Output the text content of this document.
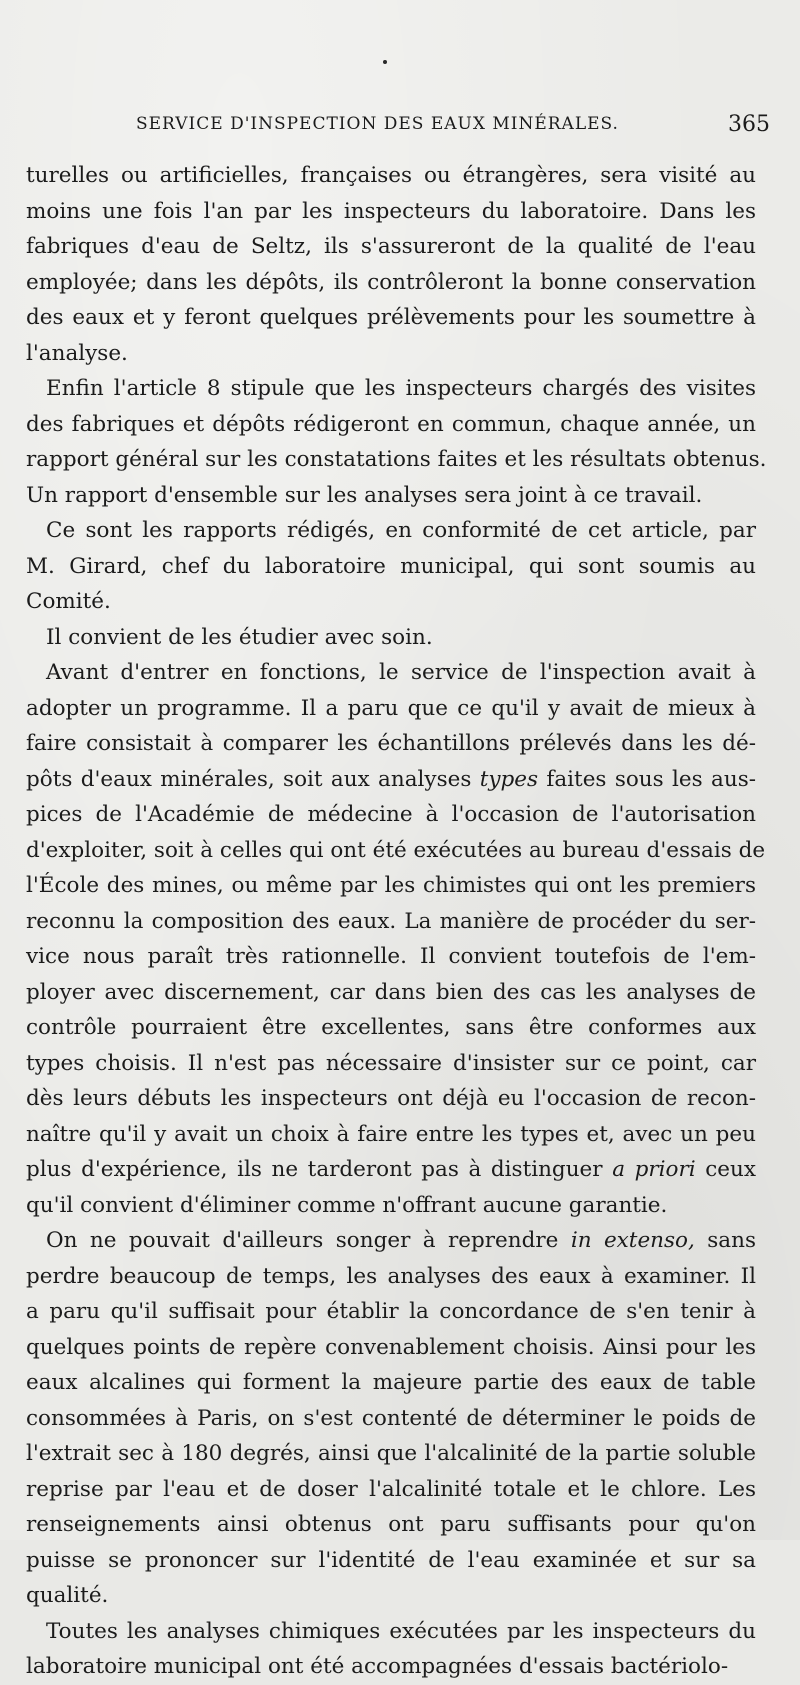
SERVICE D'INSPECTION DES EAUX MINÉRALES.	365
turelles ou artificielles, françaises ou étrangères, sera visité au
moins une fois l'an par les inspecteurs du laboratoire. Dans les
fabriques d'eau de Seltz, ils s'assureront de la qualité de l'eau
employée; dans les dépôts, ils contrôleront la bonne conservation
des eaux et y feront quelques prélèvements pour les soumettre à
l'analyse.
Enfin l'article 8 stipule que les inspecteurs chargés des visites
des fabriques et dépôts rédigeront en commun, chaque année, un
rapport général sur les constatations faites et les résultats obtenus.
Un rapport d'ensemble sur les analyses sera joint à ce travail.
Ce sont les rapports rédigés, en conformité de cet article, par
M. Girard, chef du laboratoire municipal, qui sont soumis au
Comité.
Il convient de les étudier avec soin.
Avant d'entrer en fonctions, le service de l'inspection avait à
adopter un programme. Il a paru que ce qu'il y avait de mieux à
faire consistait à comparer les échantillons prélevés dans les dé-
pôts d'eaux minérales, soit aux analyses types faites sous les aus-
pices de l'Académie de médecine à l'occasion de l'autorisation
d'exploiter, soit à celles qui ont été exécutées au bureau d'essais de
l'École des mines, ou même par les chimistes qui ont les premiers
reconnu la composition des eaux. La manière de procéder du ser-
vice nous paraît très rationnelle. Il convient toutefois de l'em-
ployer avec discernement, car dans bien des cas les analyses de
contrôle pourraient être excellentes, sans être conformes aux
types choisis. Il n'est pas nécessaire d'insister sur ce point, car
dès leurs débuts les inspecteurs ont déjà eu l'occasion de recon-
naître qu'il y avait un choix à faire entre les types et, avec un peu
plus d'expérience, ils ne tarderont pas à distinguer a priori ceux
qu'il convient d'éliminer comme n'offrant aucune garantie.
On ne pouvait d'ailleurs songer à reprendre in extenso, sans
perdre beaucoup de temps, les analyses des eaux à examiner. Il
a paru qu'il suffisait pour établir la concordance de s'en tenir à
quelques points de repère convenablement choisis. Ainsi pour les
eaux alcalines qui forment la majeure partie des eaux de table
consommées à Paris, on s'est contenté de déterminer le poids de
l'extrait sec à 180 degrés, ainsi que l'alcalinité de la partie soluble
reprise par l'eau et de doser l'alcalinité totale et le chlore. Les
renseignements ainsi obtenus ont paru suffisants pour qu'on
puisse se prononcer sur l'identité de l'eau examinée et sur sa
qualité.
Toutes les analyses chimiques exécutées par les inspecteurs du
laboratoire municipal ont été accompagnées d'essais bactériolo-
